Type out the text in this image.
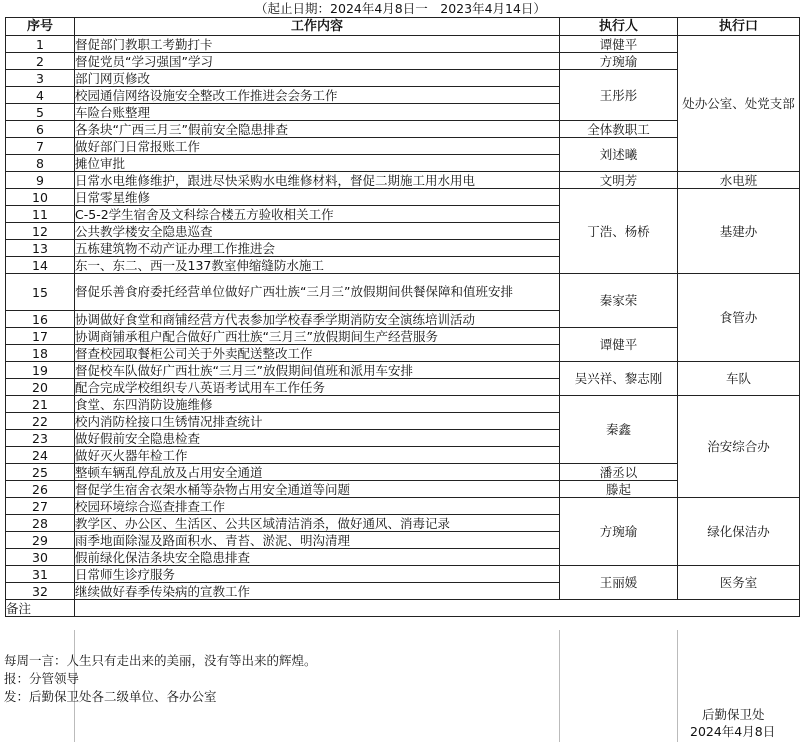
（起止日期：2024年4月8日一　2023年4月14日）
序号	工作内容	执行人	执行口
1	督促部门教职工考勤打卡	谭健平	处办公室、处党支部
2	督促党员“学习强国”学习	方琬瑜	
3	部门网页修改	王彤彤	
4	校园通信网络设施安全整改工作推进会会务工作		
5	车险台账整理		
6	各条块“广西三月三”假前安全隐患排查	全体教职工	
7	做好部门日常报账工作	刘述曦	
8	摊位审批		
9	日常水电维修维护，跟进尽快采购水电维修材料，督促二期施工用水用电	文明芳	水电班
10	日常零星维修	丁浩、杨桥	基建办
11	C-5-2学生宿舍及文科综合楼五方验收相关工作		
12	公共教学楼安全隐患巡查		
13	五栋建筑物不动产证办理工作推进会		
14	东一、东二、西一及137教室伸缩缝防水施工		
15	督促乐善食府委托经营单位做好广西壮族“三月三”放假期间供餐保障和值班安排	秦家荣	食管办
16	协调做好食堂和商铺经营方代表参加学校春季学期消防安全演练培训活动		
17	协调商铺承租户配合做好广西壮族“三月三”放假期间生产经营服务	谭健平	
18	督查校园取餐柜公司关于外卖配送整改工作		
19	督促校车队做好广西壮族“三月三”放假期间值班和派用车安排	吴兴祥、黎志刚	车队
20	配合完成学校组织专八英语考试用车工作任务		
21	食堂、东四消防设施维修	秦鑫	治安综合办
22	校内消防栓接口生锈情况排查统计		
23	做好假前安全隐患检查		
24	做好灭火器年检工作		
25	整顿车辆乱停乱放及占用安全通道	潘丞以	
26	督促学生宿舍衣架水桶等杂物占用安全通道等问题	滕起	
27	校园环境综合巡查排查工作	方琬瑜	绿化保洁办
28	教学区、办公区、生活区、公共区域清洁消杀，做好通风、消毒记录		
29	雨季地面除湿及路面积水、青苔、淤泥、明沟清理		
30	假前绿化保洁条块安全隐患排查		
31	日常师生诊疗服务	王丽媛	医务室
32	继续做好春季传染病的宣教工作		
备注			
每周一言：人生只有走出来的美丽，没有等出来的辉煌。
报：分管领导
发：后勤保卫处各二级单位、各办公室
后勤保卫处
2024年4月8日
